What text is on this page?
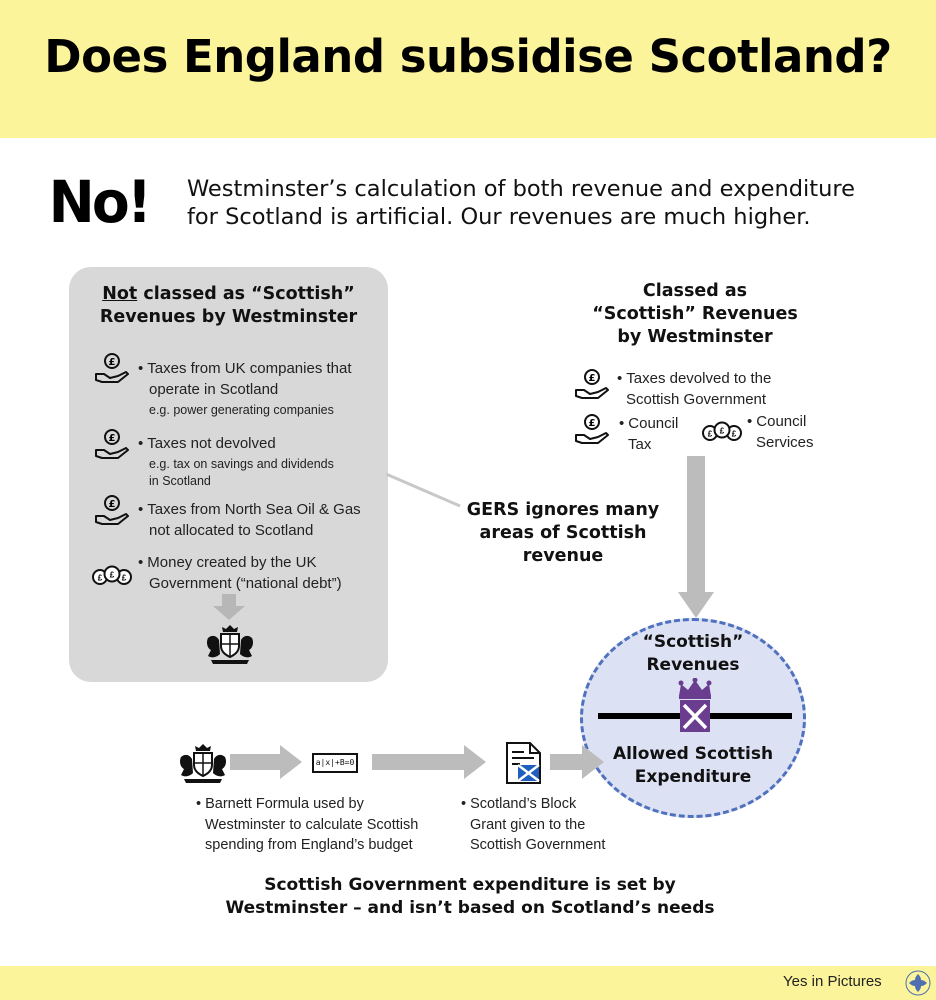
Does England subsidise Scotland?
No! Westminster’s calculation of both revenue and expenditure
for Scotland is artificial. Our revenues are much higher.
Not classed as “Scottish”
Revenues by Westminster
£	• Taxes from UK companies that
operate in Scotland
e.g. power generating companies
£	• Taxes not devolved
e.g. tax on savings and dividends
in Scotland
£	• Taxes from North Sea Oil & Gas
not allocated to Scotland
£ £
£
• Money created by the UK
Government (“national debt”)
GERS ignores many
areas of Scottish
revenue
Classed as
“Scottish” Revenues
by Westminster
£	• Taxes devolved to the
Scottish Government
£	• Council
Tax
£ £
£
• Council
Services
“Scottish”
Revenues
Allowed Scottish
Expenditure
a|x|+B=0
• Barnett Formula used by
Westminster to calculate Scottish
spending from England’s budget
• Scotland’s Block
Grant given to the
Scottish Government
Scottish Government expenditure is set by
Westminster – and isn’t based on Scotland’s needs
Yes in Pictures
